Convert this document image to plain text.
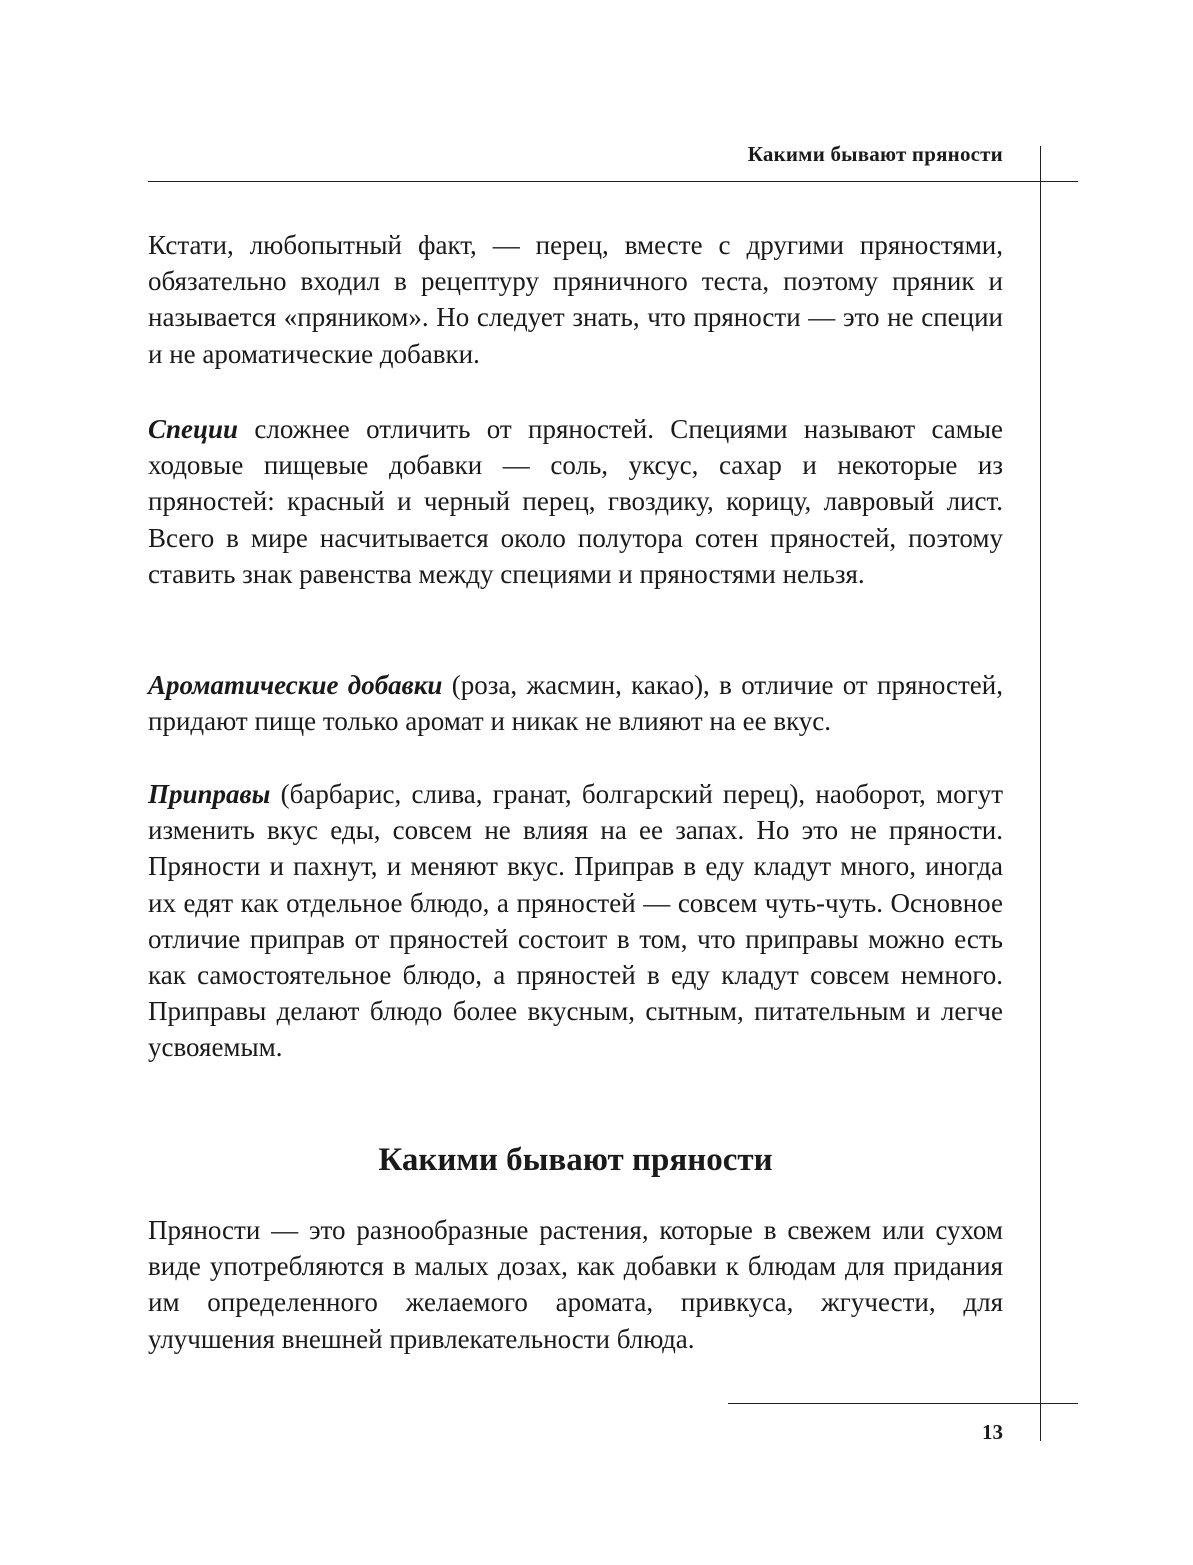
Какими бывают пряности

Кстати, любопытный факт, — перец, вместе с другими пряностями, обязательно входил в рецептуру пряничного теста, поэтому пряник и называется «пряником». Но следует знать, что пряности — это не специи и не ароматические добавки.

Специи сложнее отличить от пряностей. Специями называют самые ходовые пищевые добавки — соль, уксус, сахар и некоторые из пряностей: красный и черный перец, гвоздику, корицу, лавровый лист. Всего в мире насчитывается около полутора сотен пряностей, поэтому ставить знак равенства между специями и пряностями нельзя.

Ароматические добавки (роза, жасмин, какао), в отличие от пряностей, придают пище только аромат и никак не влияют на ее вкус.

Приправы (барбарис, слива, гранат, болгарский перец), наоборот, могут изменить вкус еды, совсем не влияя на ее запах. Но это не пряности. Пряности и пахнут, и меняют вкус. Приправ в еду кладут много, иногда их едят как отдельное блюдо, а пряностей — совсем чуть-чуть. Основное отличие приправ от пряностей состоит в том, что приправы можно есть как самостоятельное блюдо, а пряностей в еду кладут совсем немного. Приправы делают блюдо более вкусным, сытным, питательным и легче усвояемым.

Какими бывают пряности

Пряности — это разнообразные растения, которые в свежем или сухом виде употребляются в малых дозах, как добавки к блюдам для придания им определенного желаемого аромата, привкуса, жгучести, для улучшения внешней привлекательности блюда.

13
